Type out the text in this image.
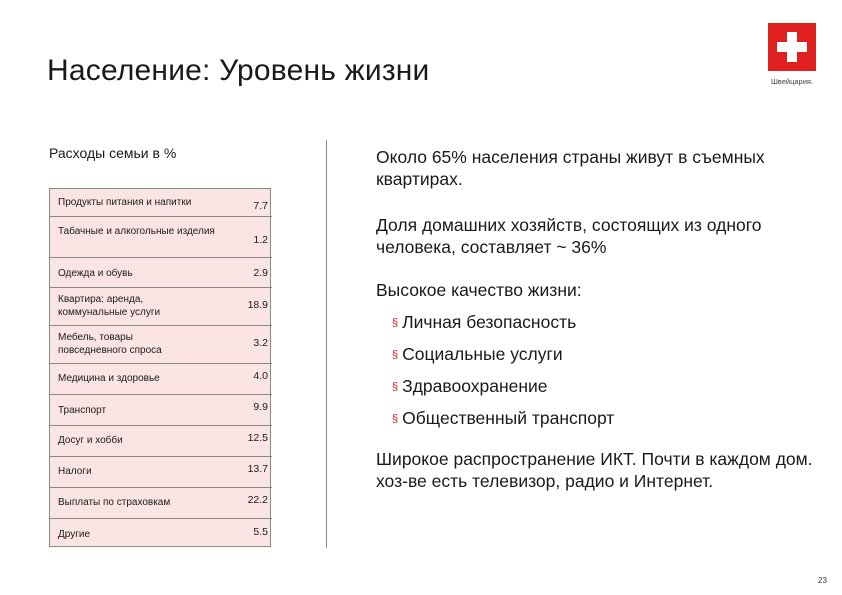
Население: Уровень жизни	Швейцария.
Расходы семьи в %
Продукты питания и напитки
Табачные и алкогольные изделия
Одежда и обувь
Квартира: аренда, коммунальные услуги
Мебель, товары повседневного спроса
Медицина и здоровье
Транспорт
Досуг и хобби
Налоги
Выплаты по страховкам
Другие
7.7
1.2
2.9
18.9
3.2
4.0
9.9
12.5
13.7
22.2
5.5
Около 65% населения страны живут в съемных квартирах.
Доля домашних хозяйств, состоящих из одного человека, составляет ~ 36%
Высокое качество жизни:
§ Личная безопасность
§ Социальные услуги
§ Здравоохранение
§ Общественный транспорт
Широкое распространение ИКТ. Почти в каждом дом. хоз-ве есть телевизор, радио и Интернет.
23
